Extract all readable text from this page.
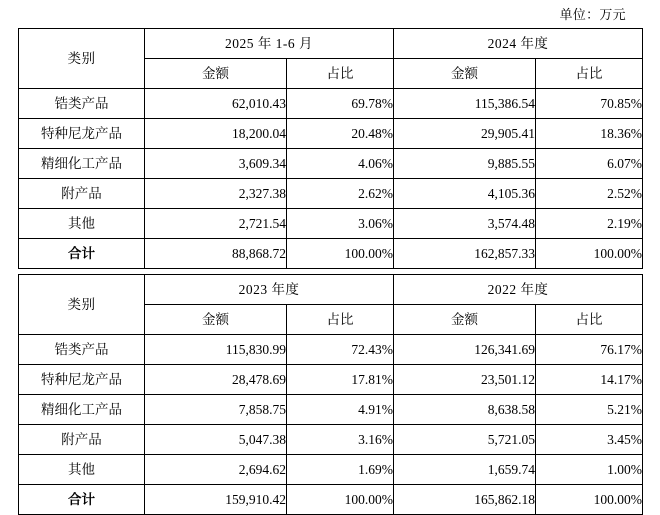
单位：万元
类别	2025 年 1-6 月		2024 年度	
	金额	占比	金额	占比
锆类产品	62,010.43	69.78%	115,386.54	70.85%
特种尼龙产品	18,200.04	20.48%	29,905.41	18.36%
精细化工产品	3,609.34	4.06%	9,885.55	6.07%
附产品	2,327.38	2.62%	4,105.36	2.52%
其他	2,721.54	3.06%	3,574.48	2.19%
合计	88,868.72	100.00%	162,857.33	100.00%
类别	2023 年度		2022 年度	
	金额	占比	金额	占比
锆类产品	115,830.99	72.43%	126,341.69	76.17%
特种尼龙产品	28,478.69	17.81%	23,501.12	14.17%
精细化工产品	7,858.75	4.91%	8,638.58	5.21%
附产品	5,047.38	3.16%	5,721.05	3.45%
其他	2,694.62	1.69%	1,659.74	1.00%
合计	159,910.42	100.00%	165,862.18	100.00%
